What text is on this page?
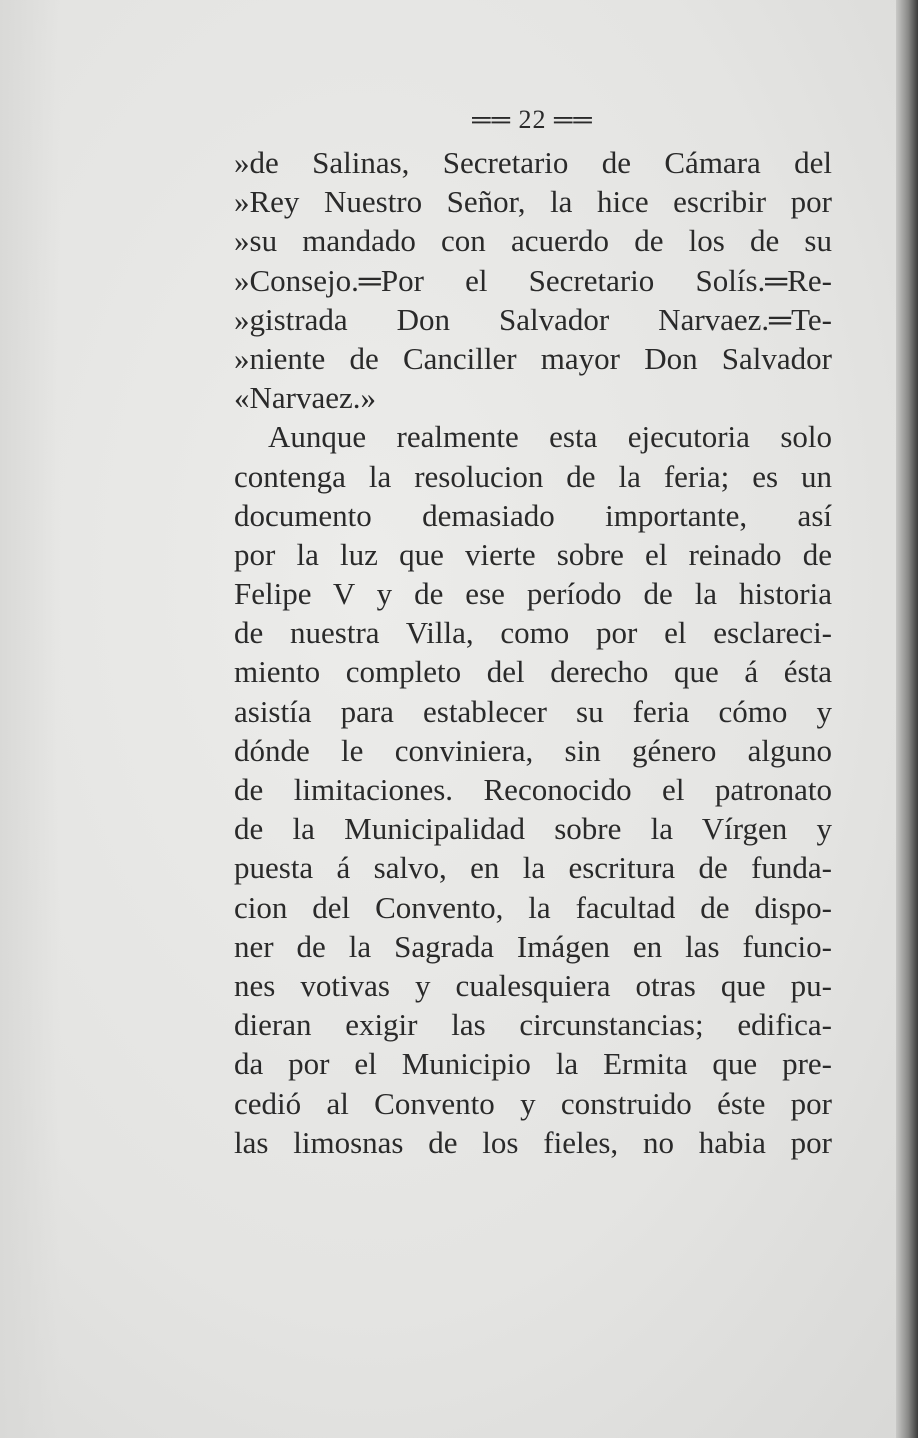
══ 22 ══
»de Salinas, Secretario de Cámara del
»Rey Nuestro Señor, la hice escribir por
»su mandado con acuerdo de los de su
»Consejo.═Por el Secretario Solís.═Re-
»gistrada Don Salvador Narvaez.═Te-
»niente de Canciller mayor Don Salvador
«Narvaez.»
Aunque realmente esta ejecutoria solo
contenga la resolucion de la feria; es un
documento demasiado importante, así
por la luz que vierte sobre el reinado de
Felipe V y de ese período de la historia
de nuestra Villa, como por el esclareci-
miento completo del derecho que á ésta
asistía para establecer su feria cómo y
dónde le conviniera, sin género alguno
de limitaciones. Reconocido el patronato
de la Municipalidad sobre la Vírgen y
puesta á salvo, en la escritura de funda-
cion del Convento, la facultad de dispo-
ner de la Sagrada Imágen en las funcio-
nes votivas y cualesquiera otras que pu-
dieran exigir las circunstancias; edifica-
da por el Municipio la Ermita que pre-
cedió al Convento y construido éste por
las limosnas de los fieles, no habia por
